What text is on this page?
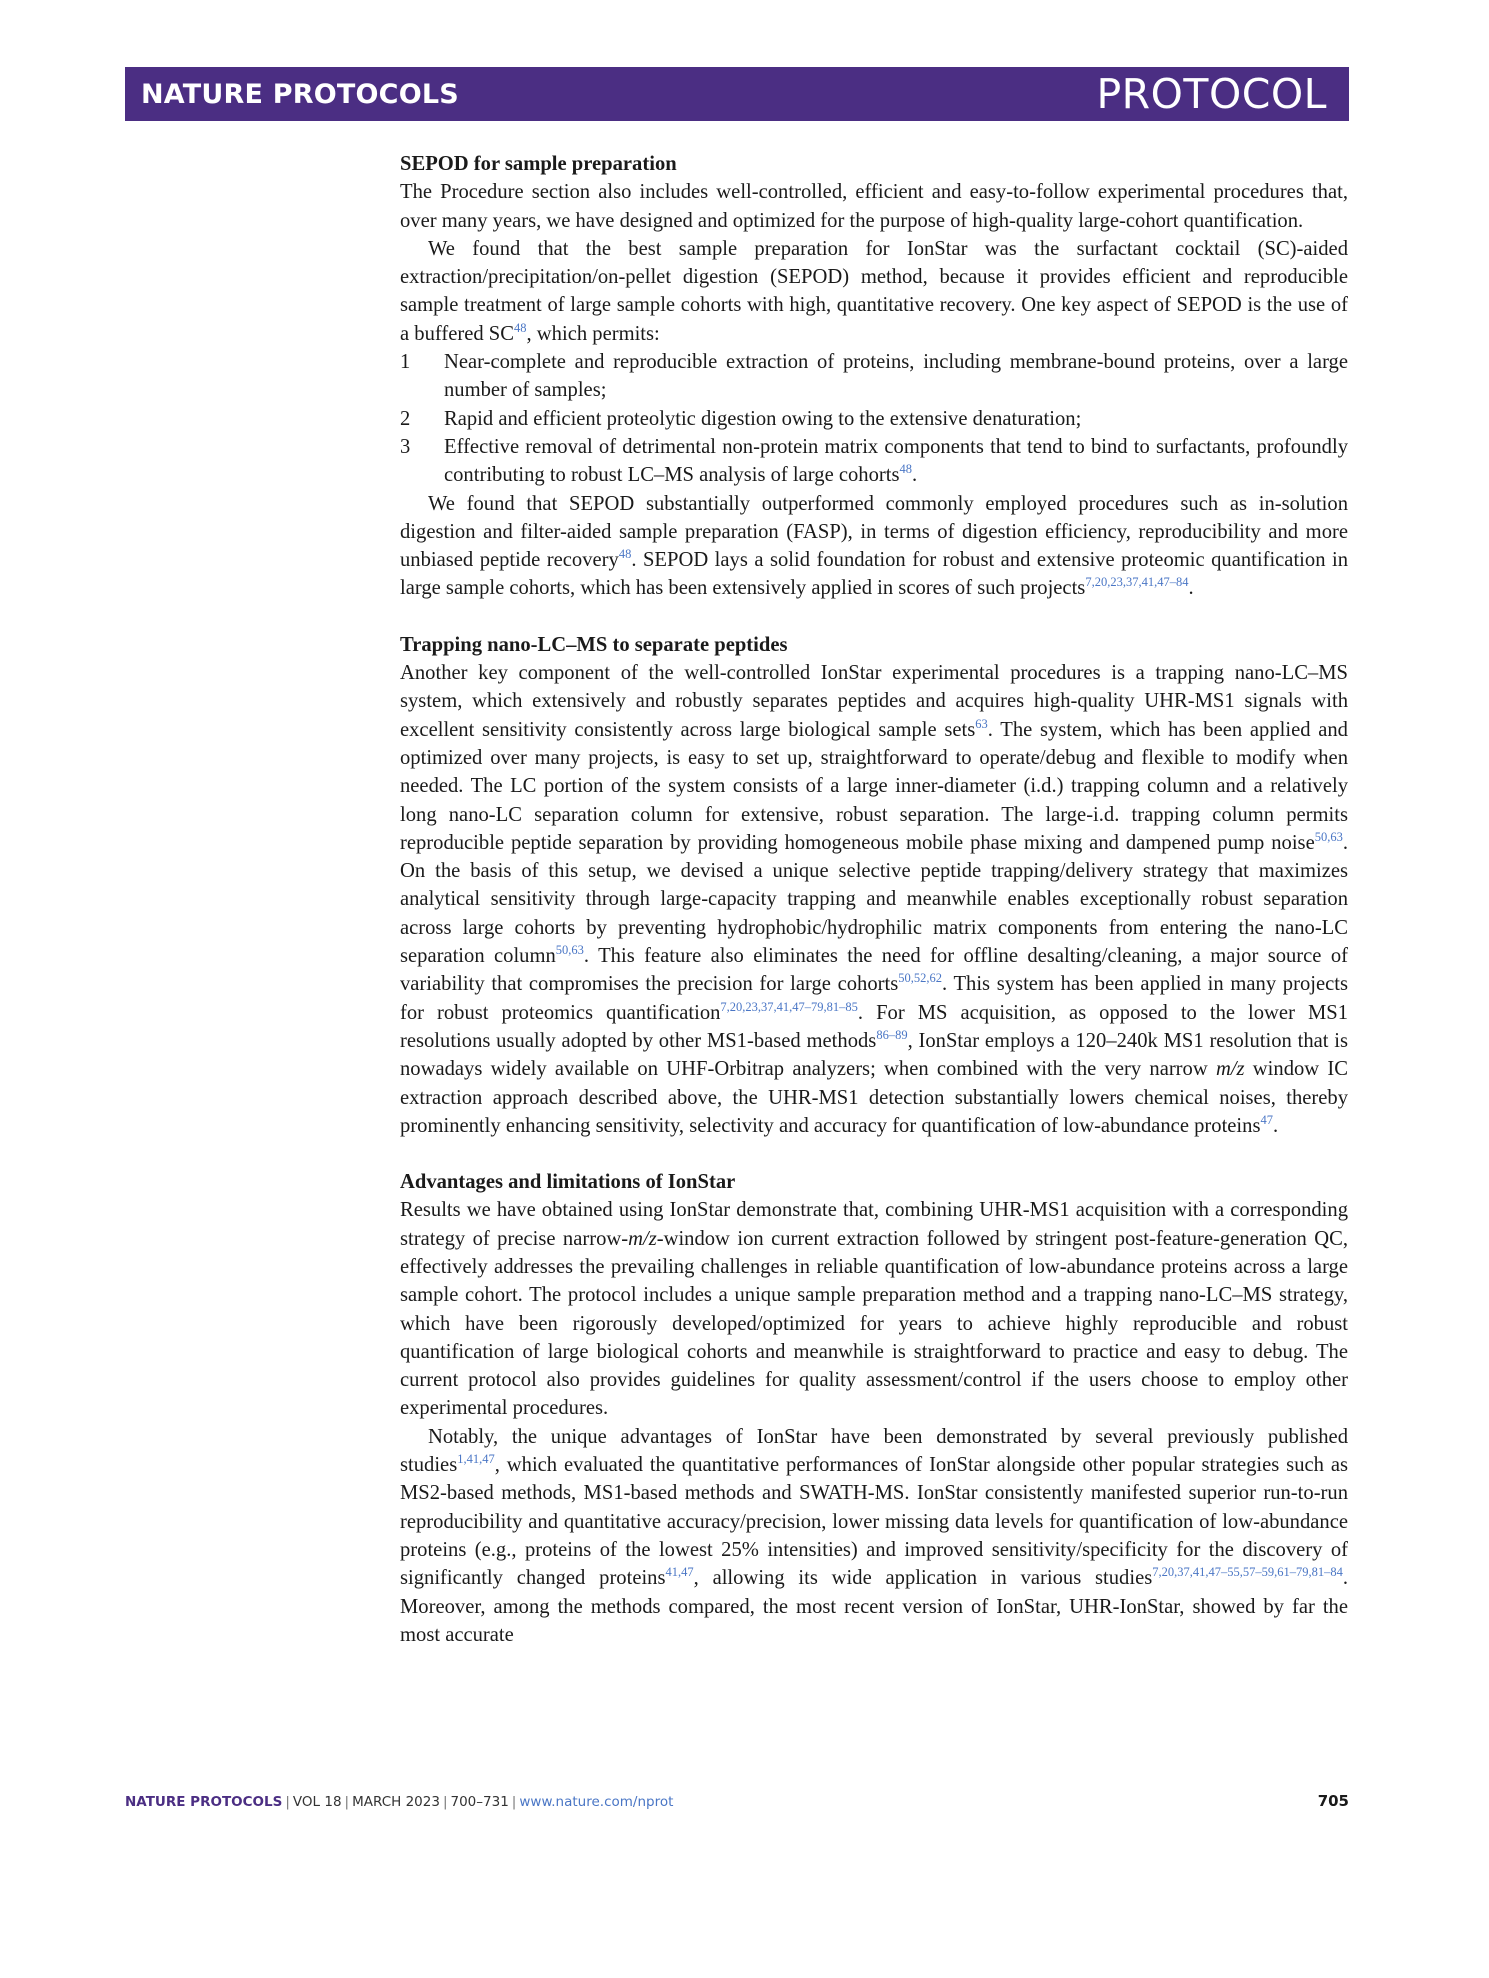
NATURE PROTOCOLS	PROTOCOL

SEPOD for sample preparation

The Procedure section also includes well-controlled, efficient and easy-to-follow experimental procedures that, over many years, we have designed and optimized for the purpose of high-quality large-cohort quantification.

We found that the best sample preparation for IonStar was the surfactant cocktail (SC)-aided extraction/precipitation/on-pellet digestion (SEPOD) method, because it provides efficient and reproducible sample treatment of large sample cohorts with high, quantitative recovery. One key aspect of SEPOD is the use of a buffered SC$^{48}$, which permits:

1 Near-complete and reproducible extraction of proteins, including membrane-bound proteins, over a large number of samples;
2 Rapid and efficient proteolytic digestion owing to the extensive denaturation;
3 Effective removal of detrimental non-protein matrix components that tend to bind to surfactants, profoundly contributing to robust LC–MS analysis of large cohorts$^{48}$.

We found that SEPOD substantially outperformed commonly employed procedures such as in-solution digestion and filter-aided sample preparation (FASP), in terms of digestion efficiency, reproducibility and more unbiased peptide recovery$^{48}$. SEPOD lays a solid foundation for robust and extensive proteomic quantification in large sample cohorts, which has been extensively applied in scores of such projects$^{7,20,23,37,41,47-84}$.

Trapping nano-LC–MS to separate peptides

Another key component of the well-controlled IonStar experimental procedures is a trapping nano-LC–MS system, which extensively and robustly separates peptides and acquires high-quality UHR-MS1 signals with excellent sensitivity consistently across large biological sample sets$^{63}$. The system, which has been applied and optimized over many projects, is easy to set up, straightforward to operate/debug and flexible to modify when needed. The LC portion of the system consists of a large inner-diameter (i.d.) trapping column and a relatively long nano-LC separation column for extensive, robust separation. The large-i.d. trapping column permits reproducible peptide separation by providing homogeneous mobile phase mixing and dampened pump noise$^{50,63}$. On the basis of this setup, we devised a unique selective peptide trapping/delivery strategy that maximizes analytical sensitivity through large-capacity trapping and meanwhile enables exceptionally robust separation across large cohorts by preventing hydrophobic/hydrophilic matrix components from entering the nano-LC separation column$^{50,63}$. This feature also eliminates the need for offline desalting/cleaning, a major source of variability that compromises the precision for large cohorts$^{50,52,62}$. This system has been applied in many projects for robust proteomics quantification$^{7,20,23,37,41,47-79,81-85}$. For MS acquisition, as opposed to the lower MS1 resolutions usually adopted by other MS1-based methods$^{86-89}$, IonStar employs a 120–240k MS1 resolution that is nowadays widely available on UHF-Orbitrap analyzers; when combined with the very narrow m/z window IC extraction approach described above, the UHR-MS1 detection substantially lowers chemical noises, thereby prominently enhancing sensitivity, selectivity and accuracy for quantification of low-abundance proteins$^{47}$.

Advantages and limitations of IonStar

Results we have obtained using IonStar demonstrate that, combining UHR-MS1 acquisition with a corresponding strategy of precise narrow-m/z-window ion current extraction followed by stringent post-feature-generation QC, effectively addresses the prevailing challenges in reliable quantification of low-abundance proteins across a large sample cohort. The protocol includes a unique sample preparation method and a trapping nano-LC–MS strategy, which have been rigorously developed/optimized for years to achieve highly reproducible and robust quantification of large biological cohorts and meanwhile is straightforward to practice and easy to debug. The current protocol also provides guidelines for quality assessment/control if the users choose to employ other experimental procedures.

Notably, the unique advantages of IonStar have been demonstrated by several previously published studies$^{1,41,47}$, which evaluated the quantitative performances of IonStar alongside other popular strategies such as MS2-based methods, MS1-based methods and SWATH-MS. IonStar consistently manifested superior run-to-run reproducibility and quantitative accuracy/precision, lower missing data levels for quantification of low-abundance proteins (e.g., proteins of the lowest 25% intensities) and improved sensitivity/specificity for the discovery of significantly changed proteins$^{41,47}$, allowing its wide application in various studies$^{7,20,37,41,47-55,57-59,61-79,81-84}$. Moreover, among the methods compared, the most recent version of IonStar, UHR-IonStar, showed by far the most accurate

NATURE PROTOCOLS | VOL 18 | MARCH 2023 | 700–731 | www.nature.com/nprot	705
